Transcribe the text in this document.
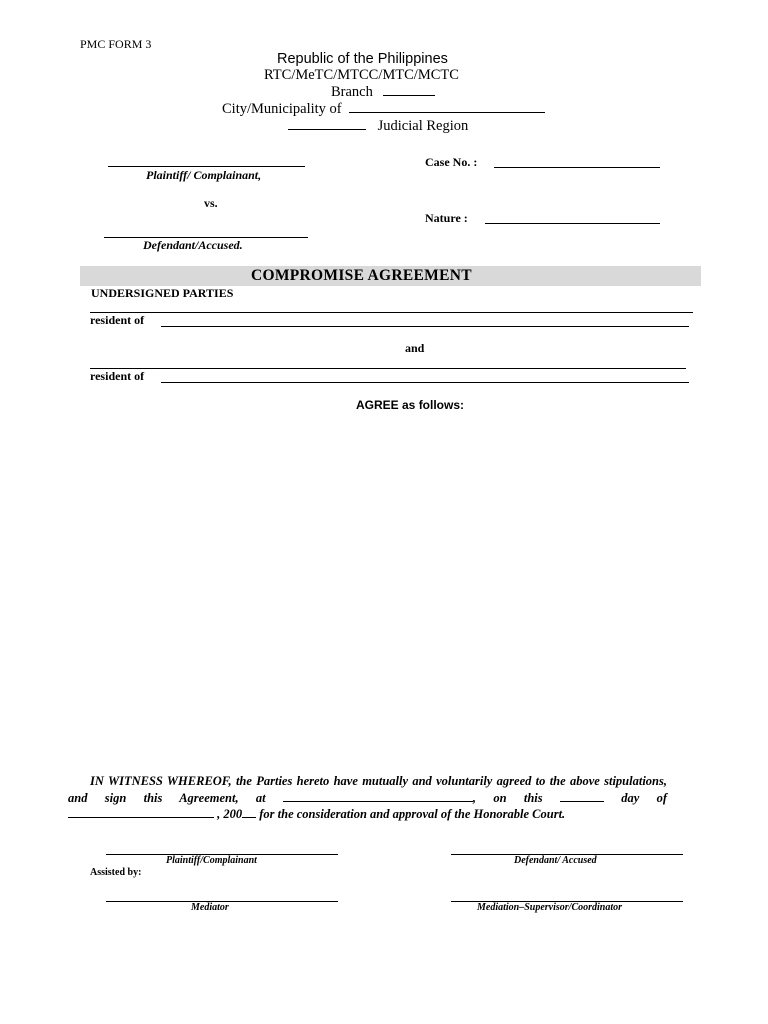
PMC FORM 3
Republic of the Philippines
RTC/MeTC/MTCC/MTC/MCTC
Branch
City/Municipality of
Judicial Region
Plaintiff/ Complainant,
vs.
Defendant/Accused.
Case No. :
Nature :
COMPROMISE AGREEMENT
UNDERSIGNED PARTIES
resident of
and
resident of
AGREE as follows:
IN WITNESS WHEREOF, the Parties hereto have mutually and voluntarily agreed to the above stipulations, and sign this Agreement, at	, on this	day of  , 200 for the consideration and approval of the Honorable Court.
Plaintiff/Complainant	Defendant/ Accused
Assisted by:
Mediator	Mediation–Supervisor/Coordinator
